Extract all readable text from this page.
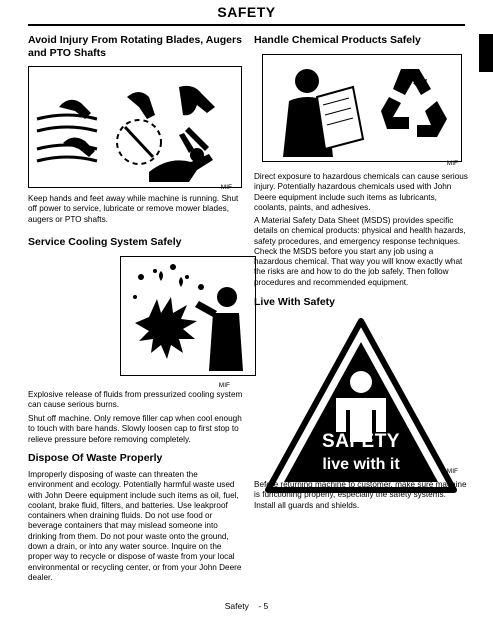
SAFETY
Avoid Injury From Rotating Blades, Augers and PTO Shafts
MIF

Keep hands and feet away while machine is running. Shut off power to service, lubricate or remove mower blades, augers or PTO shafts.

Service Cooling System Safely
MIF

Explosive release of fluids from pressurized cooling system can cause serious burns.

Shut off machine. Only remove filler cap when cool enough to touch with bare hands. Slowly loosen cap to first stop to relieve pressure before removing completely.

Dispose Of Waste Properly

Improperly disposing of waste can threaten the environment and ecology. Potentially harmful waste used with John Deere equipment include such items as oil, fuel, coolant, brake fluid, filters, and batteries. Use leakproof containers when draining fluids. Do not use food or beverage containers that may mislead someone into drinking from them. Do not pour waste onto the ground, down a drain, or into any water source. Inquire on the proper way to recycle or dispose of waste from your local environmental or recycling center, or from your John Deere dealer.

Handle Chemical Products Safely
MIF

Direct exposure to hazardous chemicals can cause serious injury. Potentially hazardous chemicals used with John Deere equipment include such items as lubricants, coolants, paints, and adhesives.

A Material Safety Data Sheet (MSDS) provides specific details on chemical products: physical and health hazards, safety procedures, and emergency response techniques. Check the MSDS before you start any job using a hazardous chemical. That way you will know exactly what the risks are and how to do the job safely. Then follow procedures and recommended equipment.

Live With Safety
SAFETY
live with it	MIF

Before returning machine to customer, make sure machine is functioning properly, especially the safety systems. Install all guards and shields.

Safety - 5
